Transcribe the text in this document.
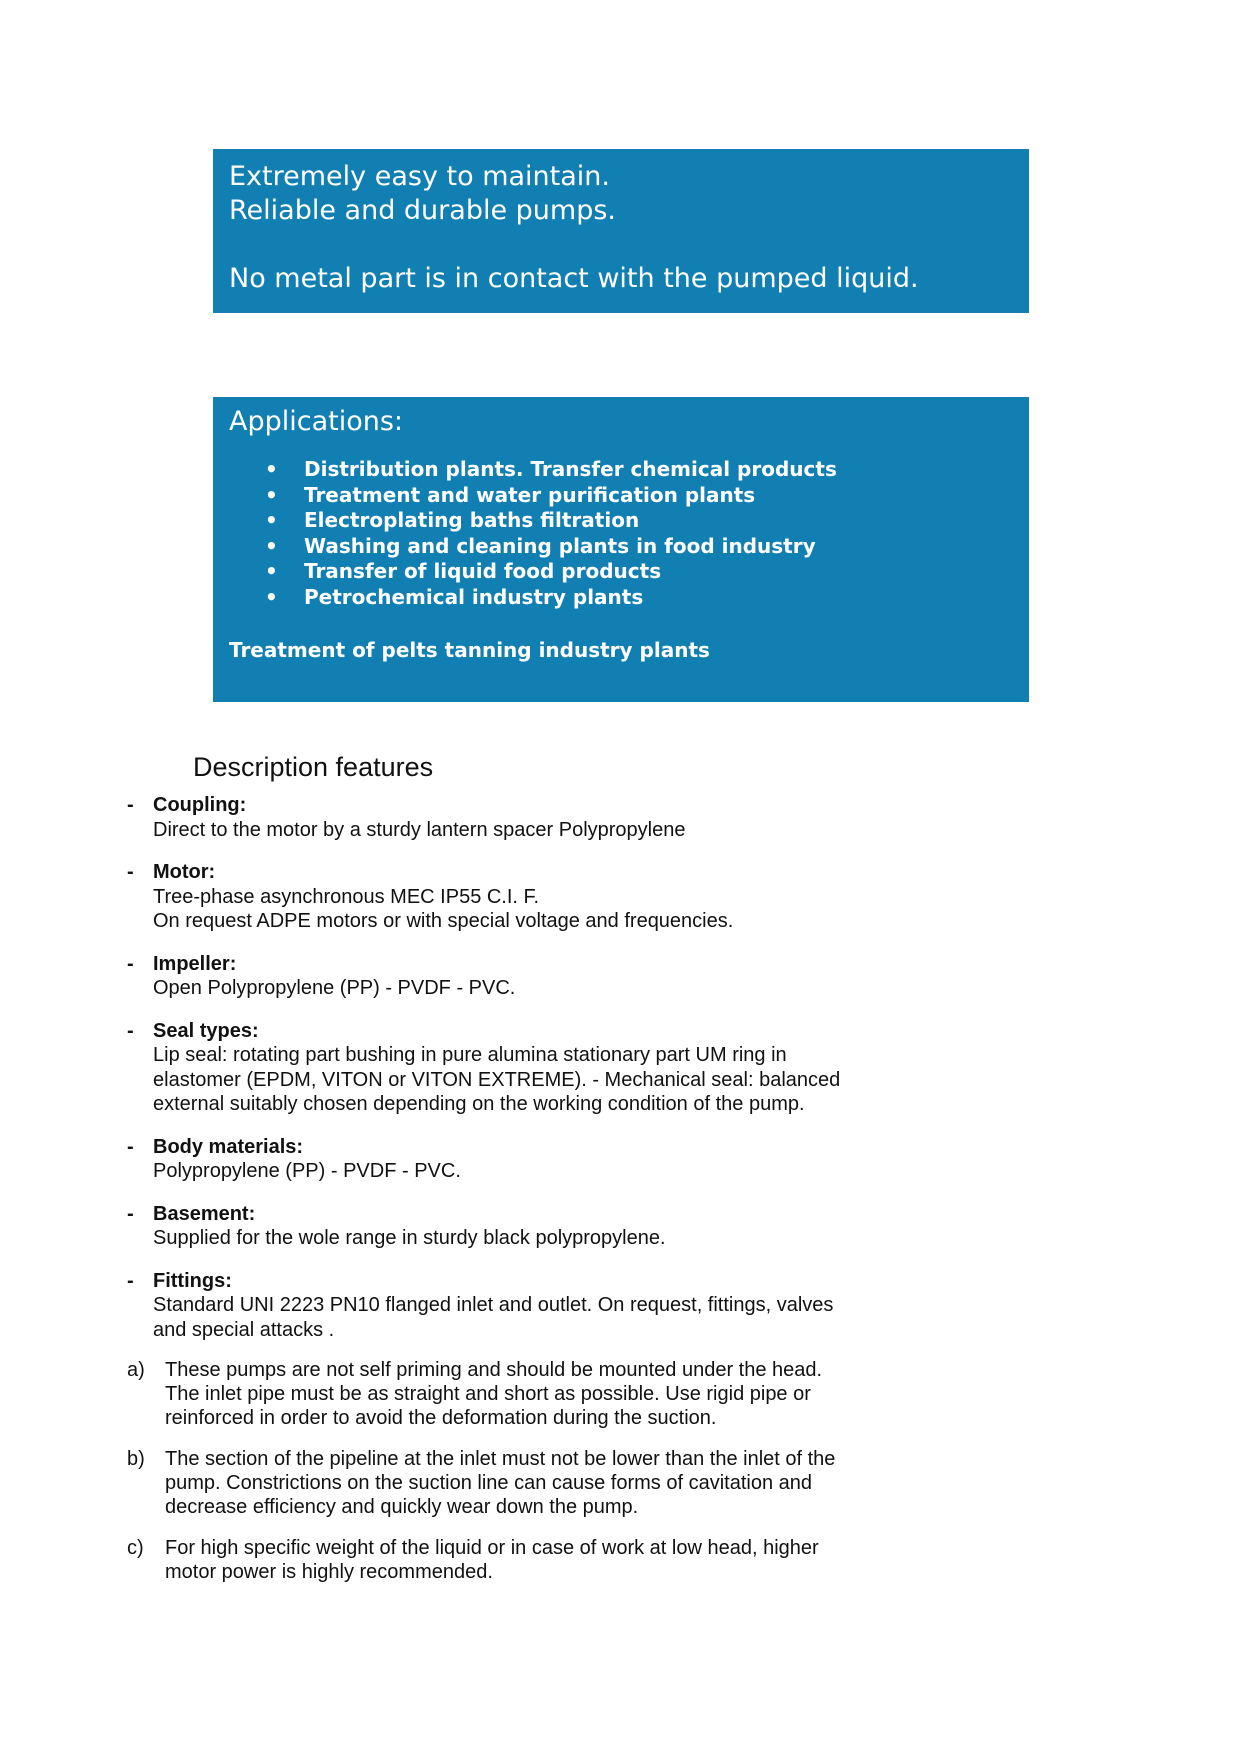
Extremely easy to maintain.

Reliable and durable pumps.

No metal part is in contact with the pumped liquid.

Applications:

• Distribution plants. Transfer chemical products
• Treatment and water purification plants
• Electroplating baths filtration
• Washing and cleaning plants in food industry
• Transfer of liquid food products
• Petrochemical industry plants
Treatment of pelts tanning industry plants
Description features
- Coupling:

Direct to the motor by a sturdy lantern spacer Polypropylene

- Motor:

Tree-phase asynchronous MEC IP55 C.I. F.

On request ADPE motors or with special voltage and frequencies.

- Impeller:

Open Polypropylene (PP) - PVDF - PVC.

- Seal types:

Lip seal: rotating part bushing in pure alumina stationary part UM ring in

elastomer (EPDM, VITON or VITON EXTREME). - Mechanical seal: balanced

external suitably chosen depending on the working condition of the pump.

- Body materials:

Polypropylene (PP) - PVDF - PVC.

- Basement:

Supplied for the wole range in sturdy black polypropylene.

- Fittings:

Standard UNI 2223 PN10 flanged inlet and outlet. On request, fittings, valves

and special attacks .

a) These pumps are not self priming and should be mounted under the head.
The inlet pipe must be as straight and short as possible. Use rigid pipe or
reinforced in order to avoid the deformation during the suction.
b) The section of the pipeline at the inlet must not be lower than the inlet of the
pump. Constrictions on the suction line can cause forms of cavitation and
decrease efficiency and quickly wear down the pump.
c) For high specific weight of the liquid or in case of work at low head, higher
motor power is highly recommended.
